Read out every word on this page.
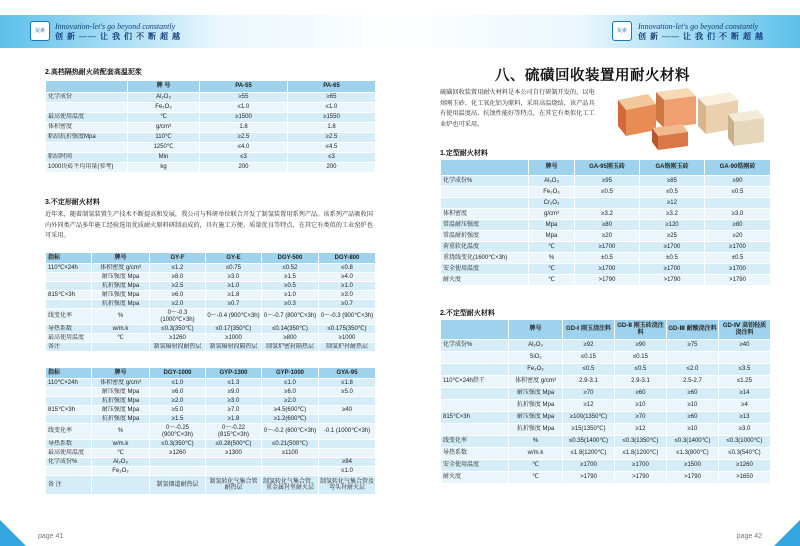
炭素	Innovation-let's go beyond constantly
创 新 —— 让 我 们 不 断 超 越
2.高档隔热耐火砖配套高温泥浆
	牌 号	PA-55	PA-65
化学成份	Al₂O₃	≥55	≥65
	Fe₂O₃	≤1.0	≤1.0
最高使用温度	℃	≥1500	≥1550
体积密度	g/cm³	1.8	1.8
粘结抗折强度Mpa	110℃	≥2.5	≥2.5
	1250℃	≤4.0	≤4.5
粘结时间	Min	≤3	≤3
1000块砖平均用量(参考)	kg	200	200
3.不定形耐火材料
近年来，随着制氢装置生产技术不断提高和发展，我公司与科研单位联合开发了制氢装置用系列产品。该系列产品吸收国内外同类产品多年施工经验选用优质耐火原料研制而成的，具有施工方便、质量优良等特点，在其它有类似的工业窑炉也可采用。
指标	牌号	GY-F	GY-E	DGY-500	DGY-800
110℃×24h	体积密度 g/cm³	≤1.2	≤0.75	≤0.52	≤0.8
	耐压强度 Mpa	≥8.0	≥3.0	≥1.5	≥4.0
	抗折强度 Mpa	≥2.5	≥1.0	≥0.5	≥1.0
815℃×3h	耐压强度 Mpa	≥6.0	≥1.8	≥1.0	≥3.0
	抗折强度 Mpa	≥2.0	≥0.7	≥0.3	≥0.7
线变化率	%	0～-0.3 (1000℃×3h)	0～-0.4 (900℃×3h)	0～-0.7 (800℃×3h)	0～-0.3 (900℃×3h)
导热系数	w/m.k	≤0.3(350℃)	≤0.17(350℃)	≤0.14(350℃)	≤0.175(350℃)
最高使用温度	℃	≥1260	≥1000	≥800	≥1000
备注		制氢辐射段耐热层	制氢辐射段隔热层	制氢炉密封隔热层	制氢炉衬耐热层
指标	牌号	DGY-1000	GYP-1300	GYP-1000	GYA-95
110℃×24h	体积密度 g/cm³	≤1.0	≤1.3	≤1.0	≤1.8
	耐压强度 Mpa	≥6.0	≥9.0	≥6.0	≥5.0
	抗折强度 Mpa	≥2.0	≥3.0	≥2.0	
815℃×3h	耐压强度 Mpa	≥5.0	≥7.0	≥4.5(600℃)	≥40
	抗折强度 Mpa	≥1.5	≥1.8	≥1.2(600℃)	
线变化率	%	0～-0.25 (900℃×3h)	0～-0.22 (815℃×3h)	0～-0.2 (600℃×3h)	-0.1 (1000℃×3h)
导热系数	w/m.k	≤0.3(350℃)	≤0.28(500℃)	≤0.21(500℃)	
最高使用温度	℃	≥1260	≥1300	≥1100	
化学成份%	Al₂O₃				≥94
	Fe₂O₃				≤1.0
备 注		制氢烟道耐热层	制氢转化气集合管耐热层	制氢转化气集合管、重金属衬里耐火层	制氢转化气集合管及弯头衬耐火层
page 41
炭素	Innovation-let's go beyond constantly
创 新 —— 让 我 们 不 断 超 越
page 42
八、硫磺回收装置用耐火材料
硫磺回收装置用耐火材料是本公司自行研制开发的，以电熔刚玉砂、化工氧化铝为原料，采用高温烧结，该产品具有使用温度高、抗蚀性能好等特点，在其它有类似化工工业炉也可采用。
1.定型耐火材料
	牌号	GA-95刚玉砖	GA铬刚玉砖	GA-90锆刚砖
化学成份%	Al₂O₃	≥95	≥85	≥90
	Fe₂O₃	≤0.5	≤0.5	≤0.5
	Cr₂O₃		≥12	
体积密度	g/cm³	≥3.2	≥3.2	≥3.0
常温耐压强度	Mpa	≥80	≥120	≥80
常温耐折强度	Mpa	≥20	≥25	≥20
荷重软化温度	℃	≥1700	≥1700	≥1700
重烧线变化(1600℃×3h)	%	±0.5	±0.5	±0.5
安全使用温度	℃	≥1700	≥1700	≥1700
耐火度	℃	>1790	>1790	>1790
2.不定型耐火材料
	牌号	GD-Ⅰ 刚玉浇注料	GD-Ⅱ 刚玉砖浇注料	GD-Ⅲ 耐酸浇注料	GD-Ⅳ 高铝轻质浇注料
化学成份%	Al₂O₃	≥92	≥90	≥75	≥40
	SiO₂	≤0.15	≤0.15		
	Fe₂O₃	≤0.5	≤0.5	≤2.0	≤3.5
110℃×24h烘干	体积密度 g/cm³	2.9-3.1	2.9-3.1	2.5-2.7	≤1.25
	耐压强度 Mpa	≥70	≥60	≥60	≥14
	抗折强度 Mpa	≥12	≥10	≥10	≥4
815℃×3h	耐压强度 Mpa	≥100(1350℃)	≥70	≥60	≥13
	抗折强度 Mpa	≥15(1350℃)	≥12	≥10	≥3.0
线变化率	%	≤0.35(1400℃)	≤0.3(1350℃)	≤0.3(1400℃)	≤0.3(1000℃)
导热系数	w/m.k	≤1.8(1200℃)	≤1.8(1200℃)	≤1.3(800℃)	≤0.3(540℃)
安全使用温度	℃	≥1700	≥1700	≥1500	≥1260
耐火度	℃	>1790	>1790	>1790	>1650
